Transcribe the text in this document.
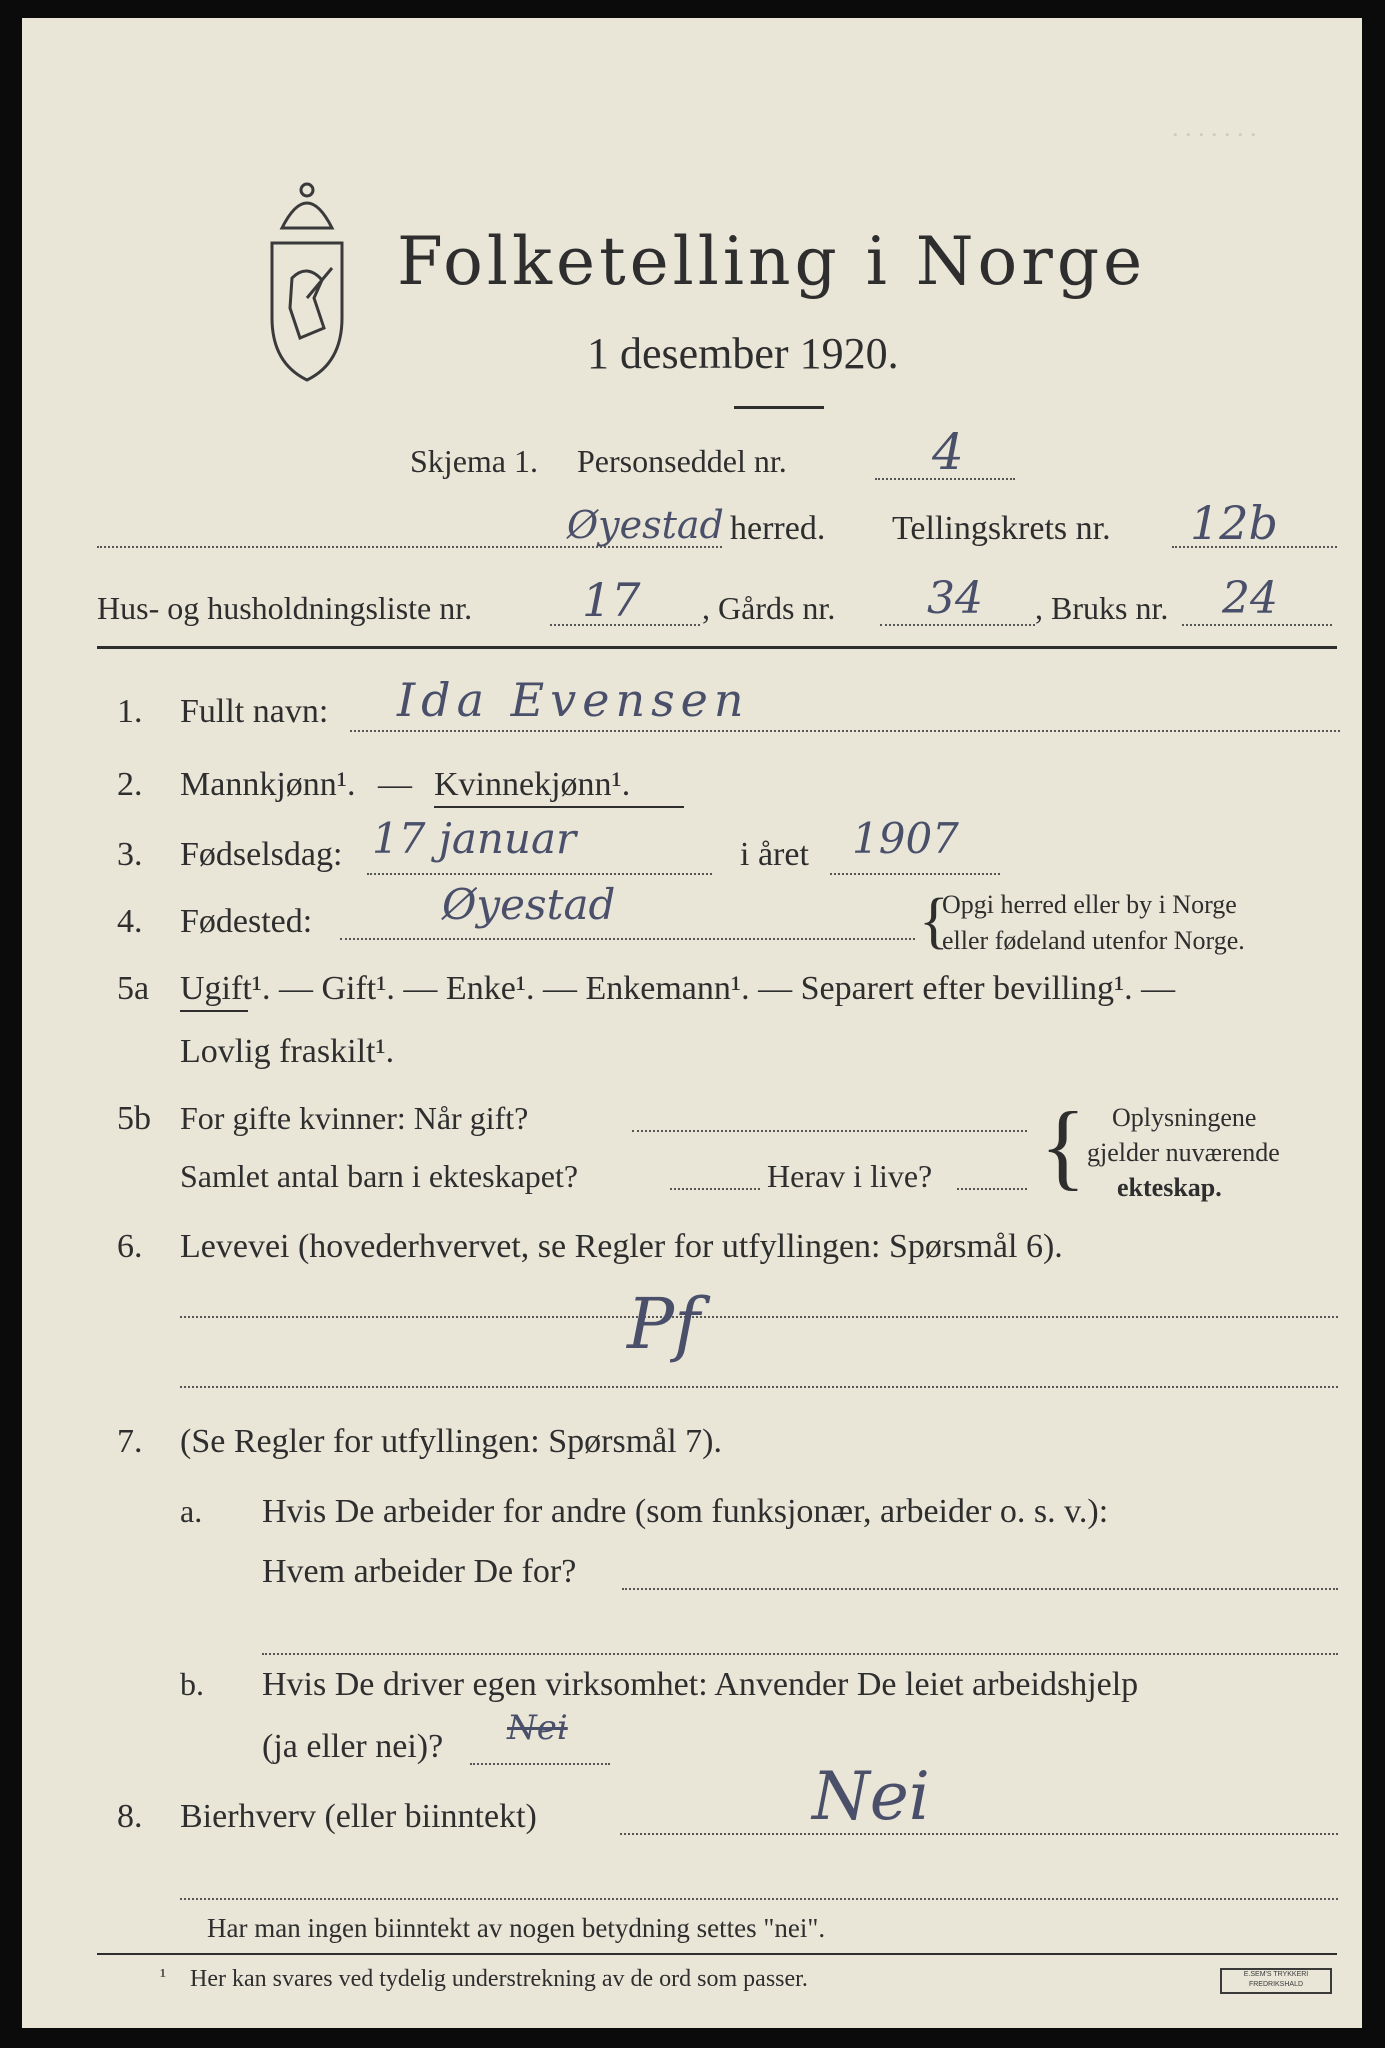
. . . . . . .
Folketelling i Norge
1 desember 1920.
Skjema 1. Personseddel nr.	4
Øyestad herred. Tellingskrets nr. 12b
Hus- og husholdningsliste nr. 17 , Gårds nr. 34 , Bruks nr. 24
1. Fullt navn: Ida Evensen
2. Mannkjønn¹. — Kvinnekjønn¹.
3. Fødselsdag: 17 januar	i året 1907
4. Fødested:	Øyestad	{
Opgi herred eller by i Norge
eller fødeland utenfor Norge.
5a Ugift¹. — Gift¹. — Enke¹. — Enkemann¹. — Separert efter bevilling¹. —
Lovlig fraskilt¹.
5b For gifte kvinner: Når gift?
Samlet antal barn i ekteskapet?	Herav i live? { Oplysningene
gjelder nuværende
ekteskap.
6. Levevei (hovederhvervet, se Regler for utfyllingen: Spørsmål 6).
Pf
7. (Se Regler for utfyllingen: Spørsmål 7).
a. Hvis De arbeider for andre (som funksjonær, arbeider o. s. v.):
Hvem arbeider De for?
b. Hvis De driver egen virksomhet: Anvender De leiet arbeidshjelp
(ja eller nei)? Nei
8. Bierhverv (eller biinntekt)	Nei
Har man ingen biinntekt av nogen betydning settes "nei".
¹ Her kan svares ved tydelig understrekning av de ord som passer.	E.SEM'S TRYKKERI FREDRIKSHALD
